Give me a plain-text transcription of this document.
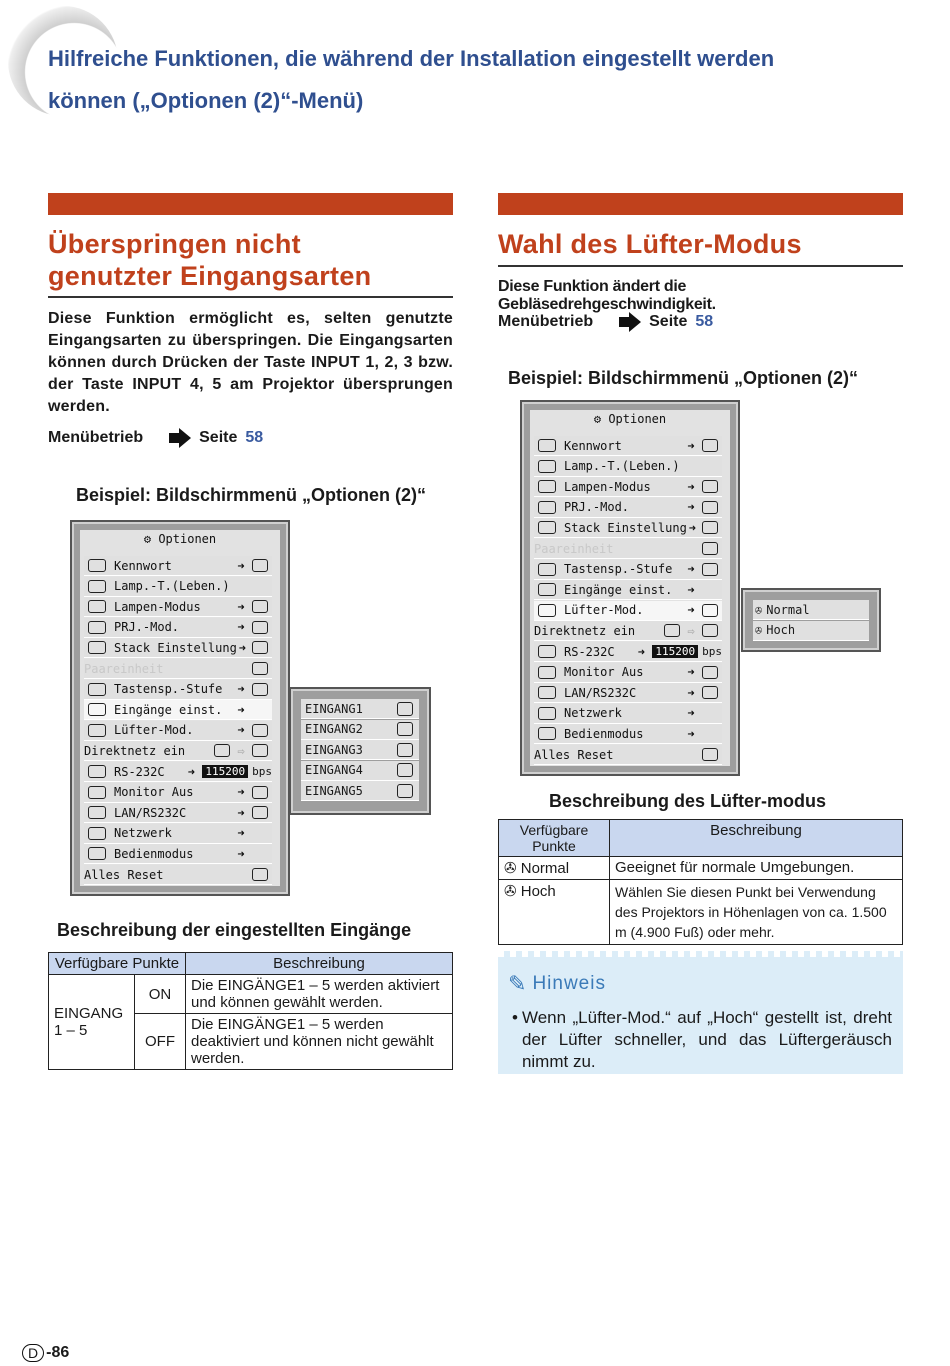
Hilfreiche Funktionen, die während der Installation eingestellt werden
können („Optionen (2)“-Menü)
Überspringen nicht
genutzter Eingangsarten
Diese Funktion ermöglicht es, selten genutzte Eingangsarten zu überspringen. Die Eingangsarten können durch Drücken der Taste INPUT 1, 2, 3 bzw. der Taste INPUT 4, 5 am Projektor übersprungen werden.
Menübetrieb	Seite 58
Beispiel: Bildschirmmenü „Optionen (2)“
⚙ Optionen
Kennwort	➜
Lamp.-T.(Leben.)
Lampen-Modus	➜
PRJ.-Mod.	➜
Stack Einstellung ➜
Paareinheit
Tastensp.-Stufe	➜
Eingänge einst.	➜
Lüfter-Mod.	➜
Direktnetz ein	⇨
RS-232C	➜ 115200 bps
Monitor Aus	➜
LAN/RS232C	➜
Netzwerk	➜
Bedienmodus	➜
Alles Reset
EINGANG1
EINGANG2
EINGANG3
EINGANG4
EINGANG5
Beschreibung der eingestellten Eingänge
Verfügbare Punkte		Beschreibung

EINGANG
1 – 5	ON	Die EINGÄNGE1 – 5 werden aktiviert und können gewählt werden.
	OFF	Die EINGÄNGE1 – 5 werden deaktiviert und können nicht gewählt werden.
Wahl des Lüfter-Modus
Diese Funktion ändert die Gebläsedrehgeschwindigkeit.
Menübetrieb	Seite 58
Beispiel: Bildschirmmenü „Optionen (2)“
⚙ Optionen
Kennwort	➜
Lamp.-T.(Leben.)
Lampen-Modus	➜
PRJ.-Mod.	➜
Stack Einstellung ➜
Paareinheit
Tastensp.-Stufe	➜
Eingänge einst.	➜
Lüfter-Mod.	➜
Direktnetz ein	⇨
RS-232C	➜ 115200 bps
Monitor Aus	➜
LAN/RS232C	➜
Netzwerk	➜
Bedienmodus	➜
Alles Reset
✇ Normal
✇ Hoch
Beschreibung des Lüfter-modus
Verfügbare Punkte	Beschreibung
✇ Normal	Geeignet für normale Umgebungen.
✇ Hoch	Wählen Sie diesen Punkt bei Verwendung des Projektors in Höhenlagen von ca. 1.500 m (4.900 Fuß) oder mehr.
✎ Hinweis
• Wenn „Lüfter-Mod.“ auf „Hoch“ gestellt ist, dreht der Lüfter schneller, und das Lüftergeräusch nimmt zu.
D -86
